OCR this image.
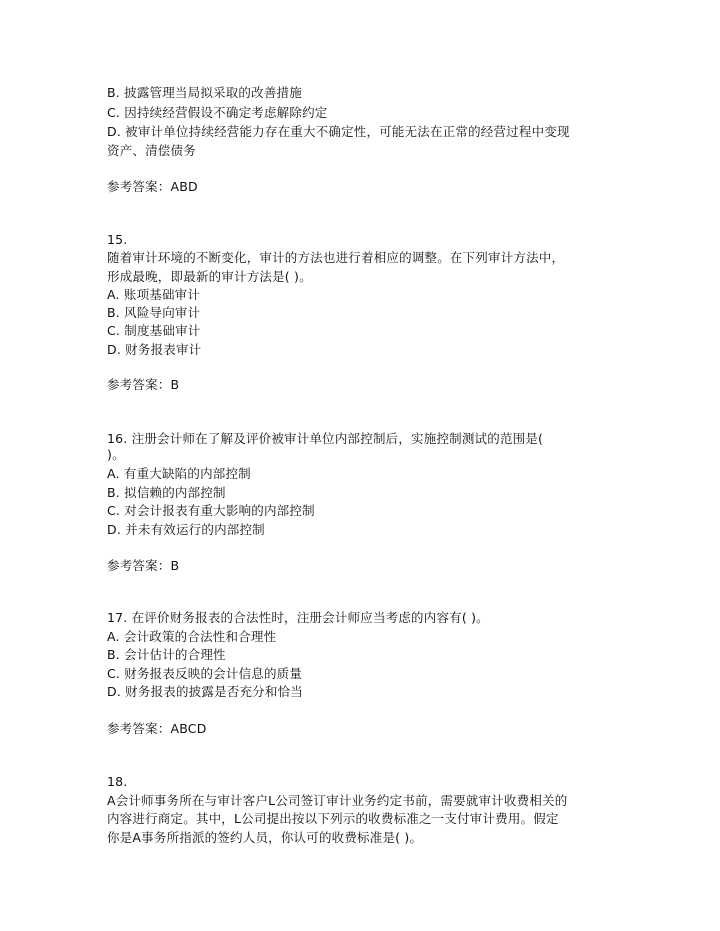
B. 披露管理当局拟采取的改善措施
C. 因持续经营假设不确定考虑解除约定
D. 被审计单位持续经营能力存在重大不确定性，可能无法在正常的经营过程中变现
资产、清偿债务
参考答案：ABD
15.
随着审计环境的不断变化，审计的方法也进行着相应的调整。在下列审计方法中，
形成最晚，即最新的审计方法是( )。
A. 账项基础审计
B. 风险导向审计
C. 制度基础审计
D. 财务报表审计
参考答案：B
16. 注册会计师在了解及评价被审计单位内部控制后，实施控制测试的范围是(
)。
A. 有重大缺陷的内部控制
B. 拟信赖的内部控制
C. 对会计报表有重大影响的内部控制
D. 并未有效运行的内部控制
参考答案：B
17. 在评价财务报表的合法性时，注册会计师应当考虑的内容有( )。
A. 会计政策的合法性和合理性
B. 会计估计的合理性
C. 财务报表反映的会计信息的质量
D. 财务报表的披露是否充分和恰当
参考答案：ABCD
18.
A会计师事务所在与审计客户L公司签订审计业务约定书前，需要就审计收费相关的
内容进行商定。其中，L公司提出按以下列示的收费标准之一支付审计费用。假定
你是A事务所指派的签约人员，你认可的收费标准是( )。
